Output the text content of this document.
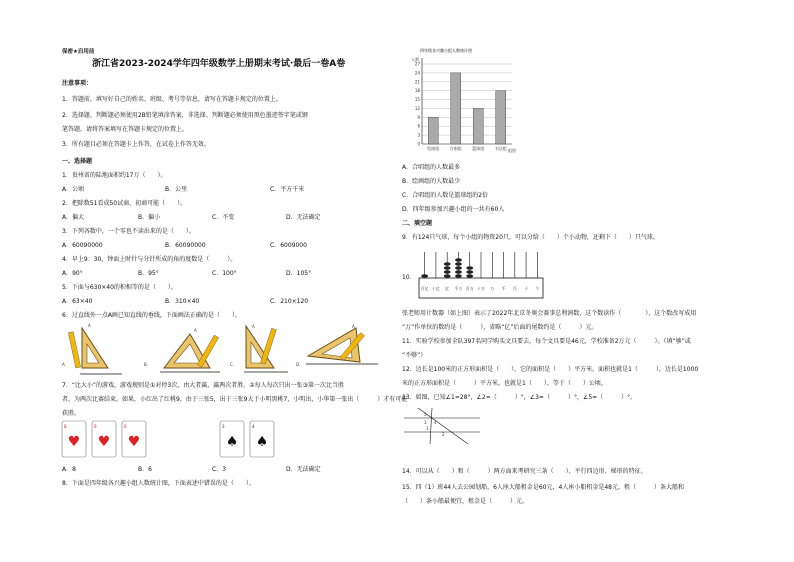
保密★启用前
浙江省2023-2024学年四年级数学上册期末考试·最后一卷A卷
注意事项：
1．答题前，填写好自己的姓名、班级、考号等信息，请写在答题卡规定的位置上。
2．选择题、判断题必须使用2B铅笔填涂答案，非选择、判断题必须使用黑色墨迹签字笔或钢
笔答题，请将答案填写在答题卡规定的位置上。
3．所有题目必须在答题卡上作答，在试卷上作答无效。
一、选择题
1．贵州省的陆地面积约17万（　　）。
A．公顷	B．公里	C．平方千米
2．把除数51看成50试商，初商可能（　　）。
A．偏大	B．偏小	C．不变	D．无法确定
3．下列各数中，一个零也不读出来的是（　　）。
A．60090000	B．60090000	C．6009000
4．早上9：30，钟面上时针与分针所成的角的度数是（　　　）。
A．90°	B．95°	C．100°	D．105°
5．下面与630×40的积相等的是（　　）。
A．63×40	B．310×40	C．210×120
6．过直线外一点A画已知直线的垂线，下面画法正确的是（　　）。
A．
A
B．
A
C．
A
D．
A
7．“比大小”的游戏，游戏规则是①对停3次，由大者赢，赢两次者胜。②每人每次只出一张③第一次比当胜
者，为两次比赛结束。如果，小红出了红桃9，由于三张5，出于三张9大于小明黑桃7，小明出，小华第一张出（　　　）才有可能
获胜。
8
♥
9
♥
6
♥
3
♠
4
♠
A．8	B．6	C．3	D．无法确定
8．下面是四年级各兴趣小组人数统计图，下面表述中错误的是（　　）。
四年级各兴趣小组人数统计图
人数
组别
0
3
6
9
12
15
18
21
24
27
绘画组	合唱组	篮球组	书法组
A．合唱组的人数最多
B．绘画组的人数最少
C．合唱组的人数是篮球组的2倍
D．四年级参加兴趣小组的一共有60人
二、填空题
9．有124只气球，每个小组的物资20只，可以分给（　　）个小动物，还剩下（　　）只气球。
10．
百亿 十亿 亿 千万 百万 十万 万 千 百 十 个
张老师用计数器（如上图）表示了2022年北京冬奥会赛事总利润数，这个数读作（　　　　），这个数改写成用
“万”作单位的数约是（　　　），省略“亿”后面的尾数约是（　　　）元。
11．实验学校参加全队397名同学购买文具要去，每个文具要是46元，学校准备2万元（　　　）。（填“够”或
“不够”）
12．边长是100米的正方形面积是（　　），它的面积是（　　）平方米，面积也就是1（　　　），边长是1000
米的正方形面积是（　　　）平方米，也就是1（　　），等于（　　）公顷。
13．如图，已知∠1=28°，∠2=（　　　）°，∠3=（　　　）°，∠5=（　　　）°。
5
3 4
1
2
14．可以从（　　）和（　　　）两方面来考研究三条（　　）、平行四边形、梯形的特征。
15．四（1）班44人去公园划船，6人座大船租金是60元，4人座小船租金是48元，租（　　　）条大船和
（　　）条小船最便宜，租金是（　　　）元。
